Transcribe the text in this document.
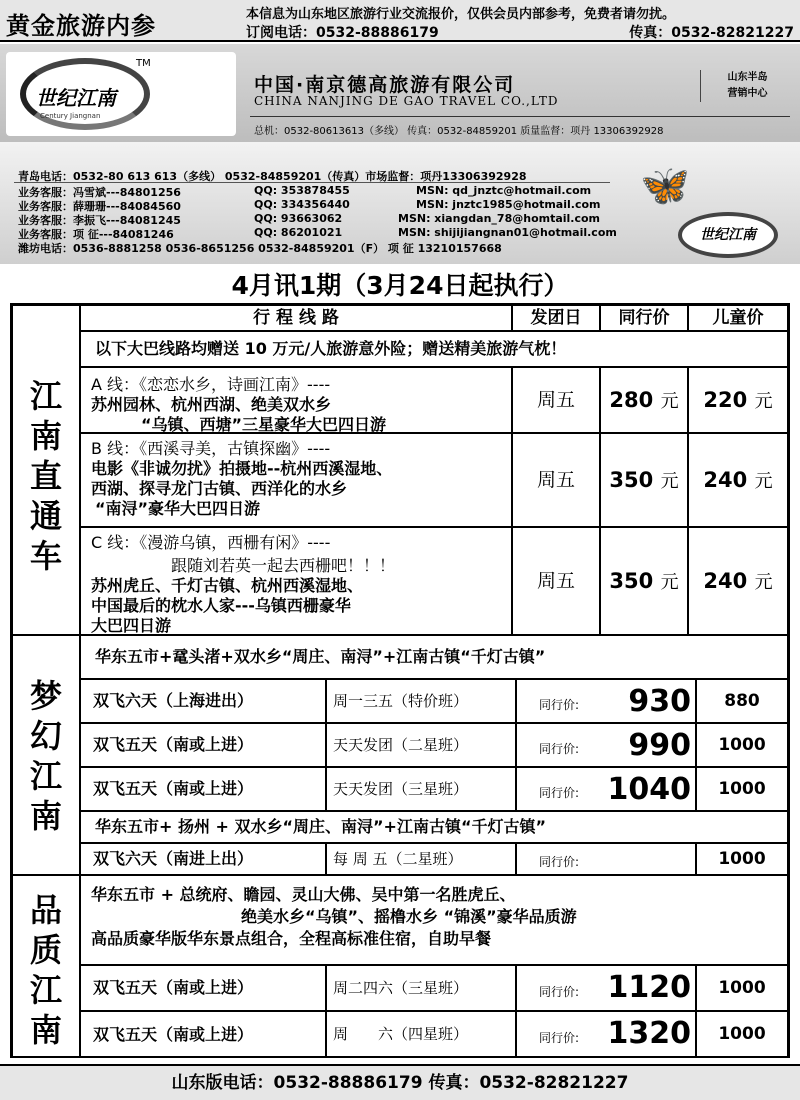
黄金旅游内参	本信息为山东地区旅游行业交流报价，仅供会员内部参考，免费者请勿扰。
订阅电话：0532-88886179	传真：0532-82821227
世纪江南
Century Jiangnan
TM
中国·南京德高旅游有限公司
CHINA NANJING DE GAO TRAVEL CO.,LTD
总机：0532-80613613（多线） 传真：0532-84859201 质量监督：项丹 13306392928
山东半岛
营销中心
青岛电话：0532-80 613 613（多线） 0532-84859201（传真）市场监督：项丹13306392928
业务客服：冯雪斌---84801256	QQ: 353878455	MSN: qd_jnztc@hotmail.com
业务客服：薛珊珊---84084560	QQ: 334356440	MSN: jnztc1985@hotmail.com
业务客服：李振飞---84081245	QQ: 93663062	MSN: xiangdan_78@homtail.com
业务客服：项 征---84081246	QQ: 86201021	MSN: shijijiangnan01@hotmail.com
潍坊电话：0536-8881258 0536-8651256 0532-84859201（F） 项 征 13210157668
🦋
世纪江南
4月讯1期（3月24日起执行）
江
南
直
通
车
梦
幻
江
南
品
质
江
南
行 程 线 路	发团日	同行价	儿童价
以下大巴线路均赠送 10 万元/人旅游意外险；赠送精美旅游气枕！
A 线：《恋恋水乡，诗画江南》----
苏州园林、杭州西湖、绝美双水乡
“乌镇、西塘”三星豪华大巴四日游
周五	280 元	220 元
B 线：《西溪寻美，古镇探幽》----
电影《非诚勿扰》拍摄地--杭州西溪湿地、
西湖、探寻龙门古镇、西洋化的水乡
“南浔”豪华大巴四日游
周五	350 元	240 元
C 线：《漫游乌镇，西栅有闲》----
跟随刘若英一起去西栅吧！！！
苏州虎丘、千灯古镇、杭州西溪湿地、
中国最后的枕水人家---乌镇西栅豪华
大巴四日游
周五	350 元	240 元
华东五市+鼋头渚+双水乡“周庄、南浔”+江南古镇“千灯古镇”
双飞六天（上海进出）	周一三五（特价班）	同行价: 930	880
双飞五天（南或上进）	天天发团（二星班）	同行价: 990	1000
双飞五天（南或上进）	天天发团（三星班）	同行价: 1040	1000
华东五市+ 扬州 + 双水乡“周庄、南浔”+江南古镇“千灯古镇”
双飞六天（南进上出）	每 周 五（二星班）	同行价:	1000
华东五市 + 总统府、瞻园、灵山大佛、吴中第一名胜虎丘、
绝美水乡“乌镇”、摇橹水乡 “锦溪”豪华品质游
高品质豪华版华东景点组合，全程高标准住宿，自助早餐
双飞五天（南或上进）	周二四六（三星班）	同行价: 1120	1000
双飞五天（南或上进）	周　　六（四星班）	同行价: 1320	1000
山东版电话：0532-88886179 传真：0532-82821227
